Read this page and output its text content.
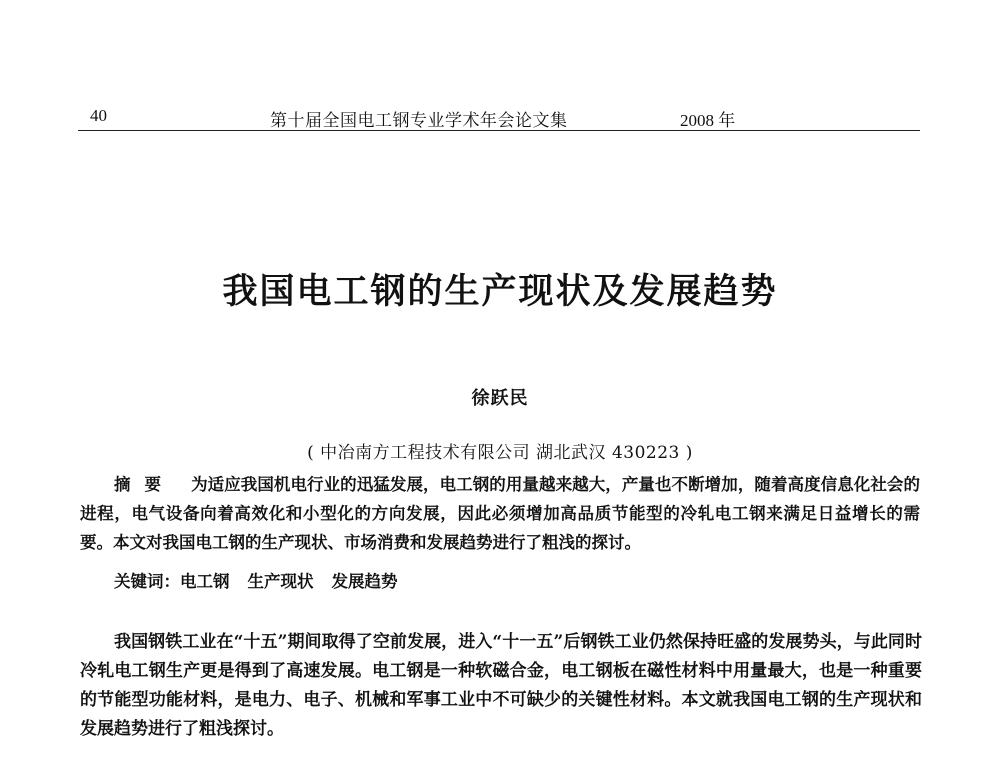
40	第十届全国电工钢专业学术年会论文集	2008 年
我国电工钢的生产现状及发展趋势
徐跃民
( 中冶南方工程技术有限公司 湖北武汉 430223 )
摘要 为适应我国机电行业的迅猛发展，电工钢的用量越来越大，产量也不断增加，随着高度信息化社会的进程，电气设备向着高效化和小型化的方向发展，因此必须增加高品质节能型的冷轧电工钢来满足日益增长的需要。本文对我国电工钢的生产现状、市场消费和发展趋势进行了粗浅的探讨。
关键词：电工钢 生产现状 发展趋势
我国钢铁工业在“十五”期间取得了空前发展，进入“十一五”后钢铁工业仍然保持旺盛的发展势头，与此同时冷轧电工钢生产更是得到了高速发展。电工钢是一种软磁合金，电工钢板在磁性材料中用量最大，也是一种重要的节能型功能材料，是电力、电子、机械和军事工业中不可缺少的关键性材料。本文就我国电工钢的生产现状和发展趋势进行了粗浅探讨。
